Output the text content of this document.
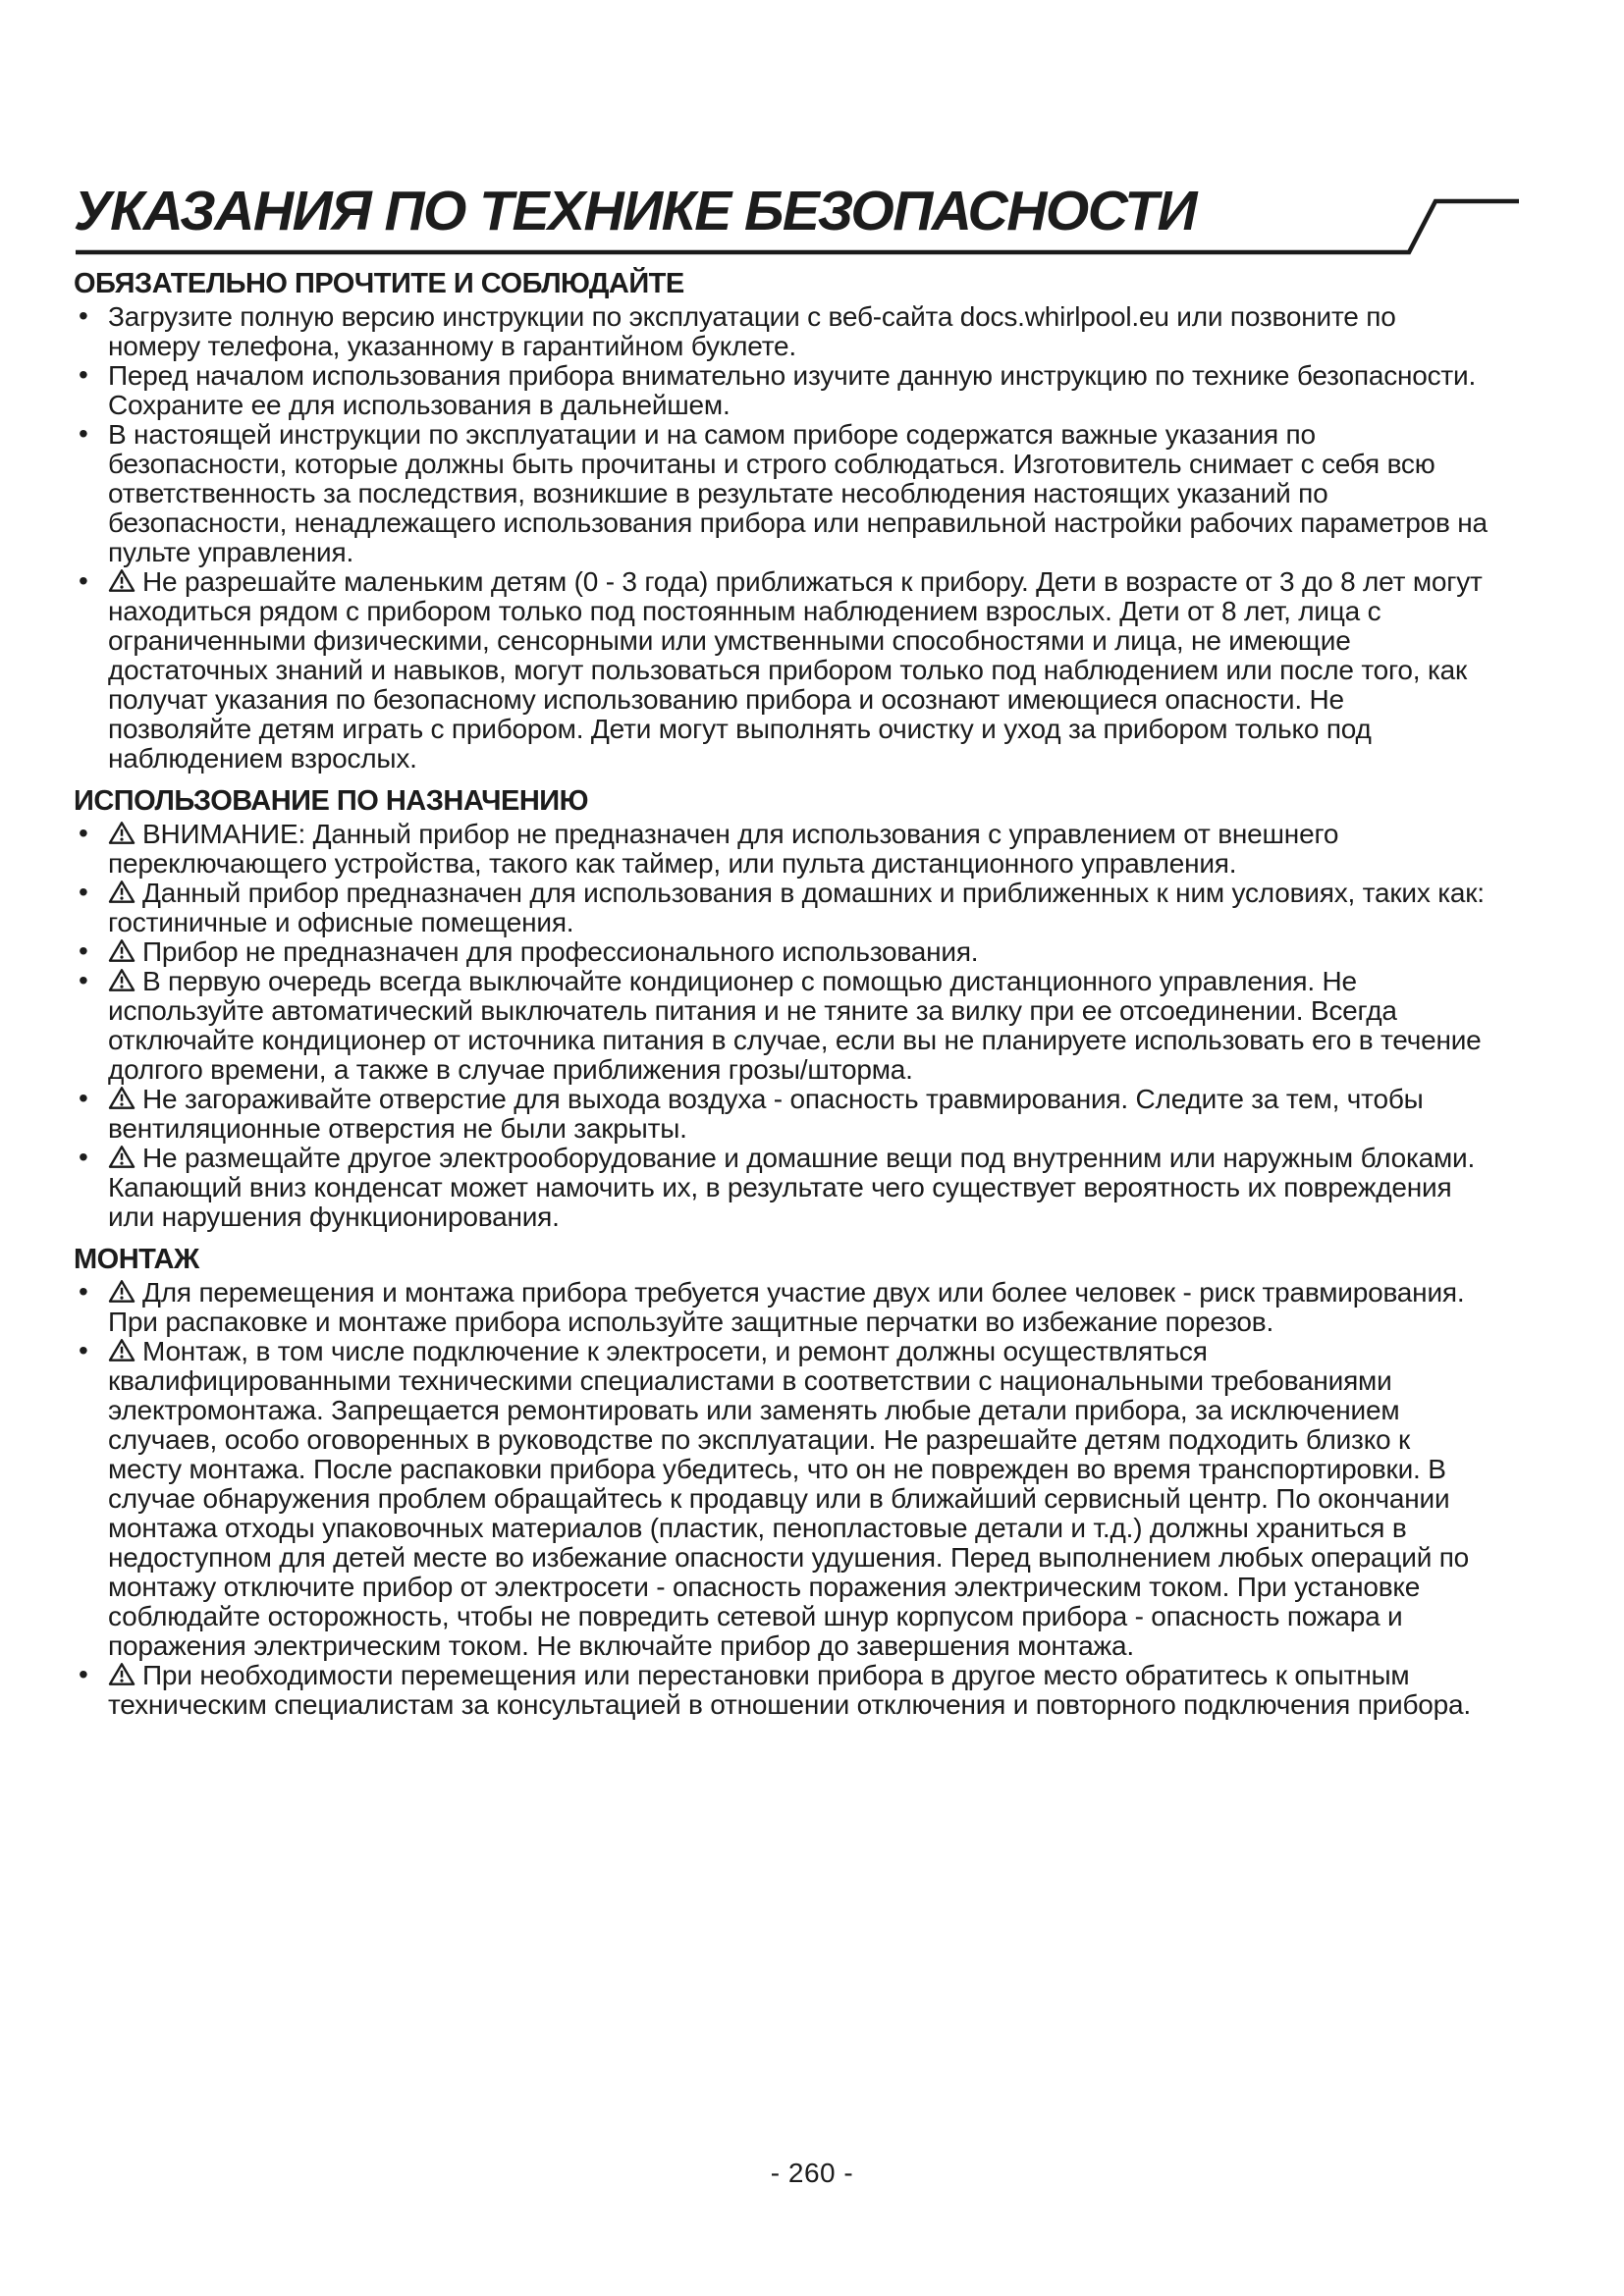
УКАЗАНИЯ ПО ТЕХНИКЕ БЕЗОПАСНОСТИ
ОБЯЗАТЕЛЬНО ПРОЧТИТЕ И СОБЛЮДАЙТЕ
• Загрузите полную версию инструкции по эксплуатации с веб-сайта docs.whirlpool.eu или позвоните по номеру телефона, указанному в гарантийном буклете.
• Перед началом использования прибора внимательно изучите данную инструкцию по технике безопасности. Сохраните ее для использования в дальнейшем.
• В настоящей инструкции по эксплуатации и на самом приборе содержатся важные указания по безопасности, которые должны быть прочитаны и строго соблюдаться. Изготовитель снимает с себя всю ответственность за последствия, возникшие в результате несоблюдения настоящих указаний по безопасности, ненадлежащего использования прибора или неправильной настройки рабочих параметров на пульте управления.
• Не разрешайте маленьким детям (0 - 3 года) приближаться к прибору. Дети в возрасте от 3 до 8 лет могут находиться рядом с прибором только под постоянным наблюдением взрослых. Дети от 8 лет, лица с ограниченными физическими, сенсорными или умственными способностями и лица, не имеющие достаточных знаний и навыков, могут пользоваться прибором только под наблюдением или после того, как получат указания по безопасному использованию прибора и осознают имеющиеся опасности. Не позволяйте детям играть с прибором. Дети могут выполнять очистку и уход за прибором только под наблюдением взрослых.
ИСПОЛЬЗОВАНИЕ ПО НАЗНАЧЕНИЮ
• ВНИМАНИЕ: Данный прибор не предназначен для использования с управлением от внешнего переключающего устройства, такого как таймер, или пульта дистанционного управления.
• Данный прибор предназначен для использования в домашних и приближенных к ним условиях, таких как: гостиничные и офисные помещения.
• Прибор не предназначен для профессионального использования.
• В первую очередь всегда выключайте кондиционер с помощью дистанционного управления. Не используйте автоматический выключатель питания и не тяните за вилку при ее отсоединении. Всегда отключайте кондиционер от источника питания в случае, если вы не планируете использовать его в течение долгого времени, а также в случае приближения грозы/шторма.
• Не загораживайте отверстие для выхода воздуха - опасность травмирования. Следите за тем, чтобы вентиляционные отверстия не были закрыты.
• Не размещайте другое электрооборудование и домашние вещи под внутренним или наружным блоками. Капающий вниз конденсат может намочить их, в результате чего существует вероятность их повреждения или нарушения функционирования.
МОНТАЖ
• Для перемещения и монтажа прибора требуется участие двух или более человек - риск травмирования. При распаковке и монтаже прибора используйте защитные перчатки во избежание порезов.
• Монтаж, в том числе подключение к электросети, и ремонт должны осуществляться квалифицированными техническими специалистами в соответствии с национальными требованиями электромонтажа. Запрещается ремонтировать или заменять любые детали прибора, за исключением случаев, особо оговоренных в руководстве по эксплуатации. Не разрешайте детям подходить близко к месту монтажа. После распаковки прибора убедитесь, что он не поврежден во время транспортировки. В случае обнаружения проблем обращайтесь к продавцу или в ближайший сервисный центр. По окончании монтажа отходы упаковочных материалов (пластик, пенопластовые детали и т.д.) должны храниться в недоступном для детей месте во избежание опасности удушения. Перед выполнением любых операций по монтажу отключите прибор от электросети - опасность поражения электрическим током. При установке соблюдайте осторожность, чтобы не повредить сетевой шнур корпусом прибора - опасность пожара и поражения электрическим током. Не включайте прибор до завершения монтажа.
• При необходимости перемещения или перестановки прибора в другое место обратитесь к опытным техническим специалистам за консультацией в отношении отключения и повторного подключения прибора.
- 260 -
